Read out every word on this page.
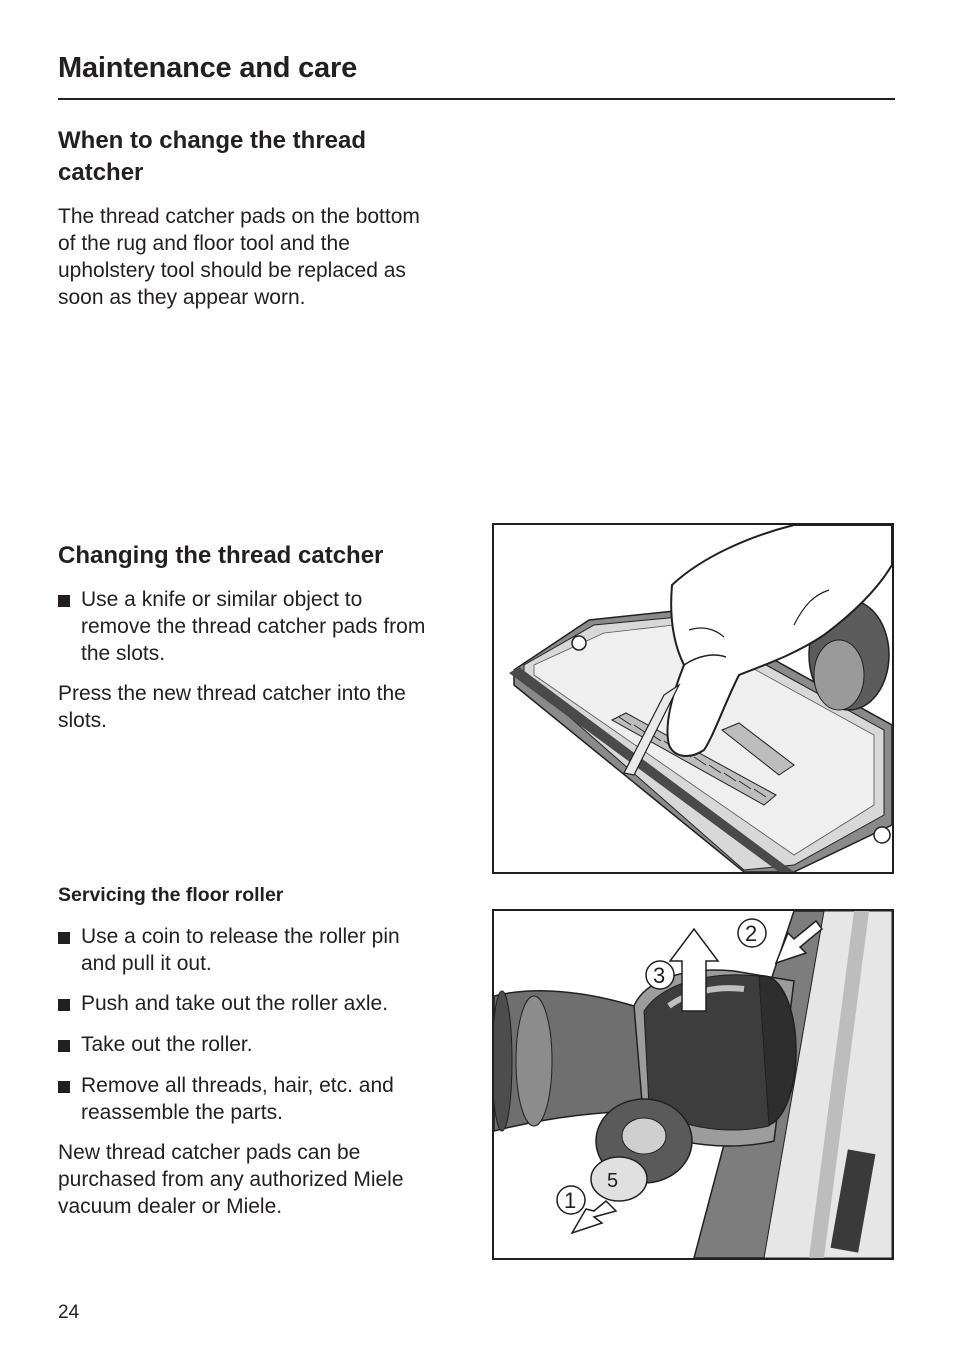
Maintenance and care
When to change the thread
catcher

The thread catcher pads on the bottom

of the rug and floor tool and the

upholstery tool should be replaced as

soon as they appear worn.

Changing the thread catcher
Use a knife or similar object to
remove the thread catcher pads from
the slots.

Press the new thread catcher into the

slots.

Servicing the floor roller
Use a coin to release the roller pin
and pull it out.
Push and take out the roller axle.
Take out the roller.
Remove all threads, hair, etc. and
reassemble the parts.

New thread catcher pads can be

purchased from any authorized Miele

vacuum dealer or Miele.

5
1
3
2
24
